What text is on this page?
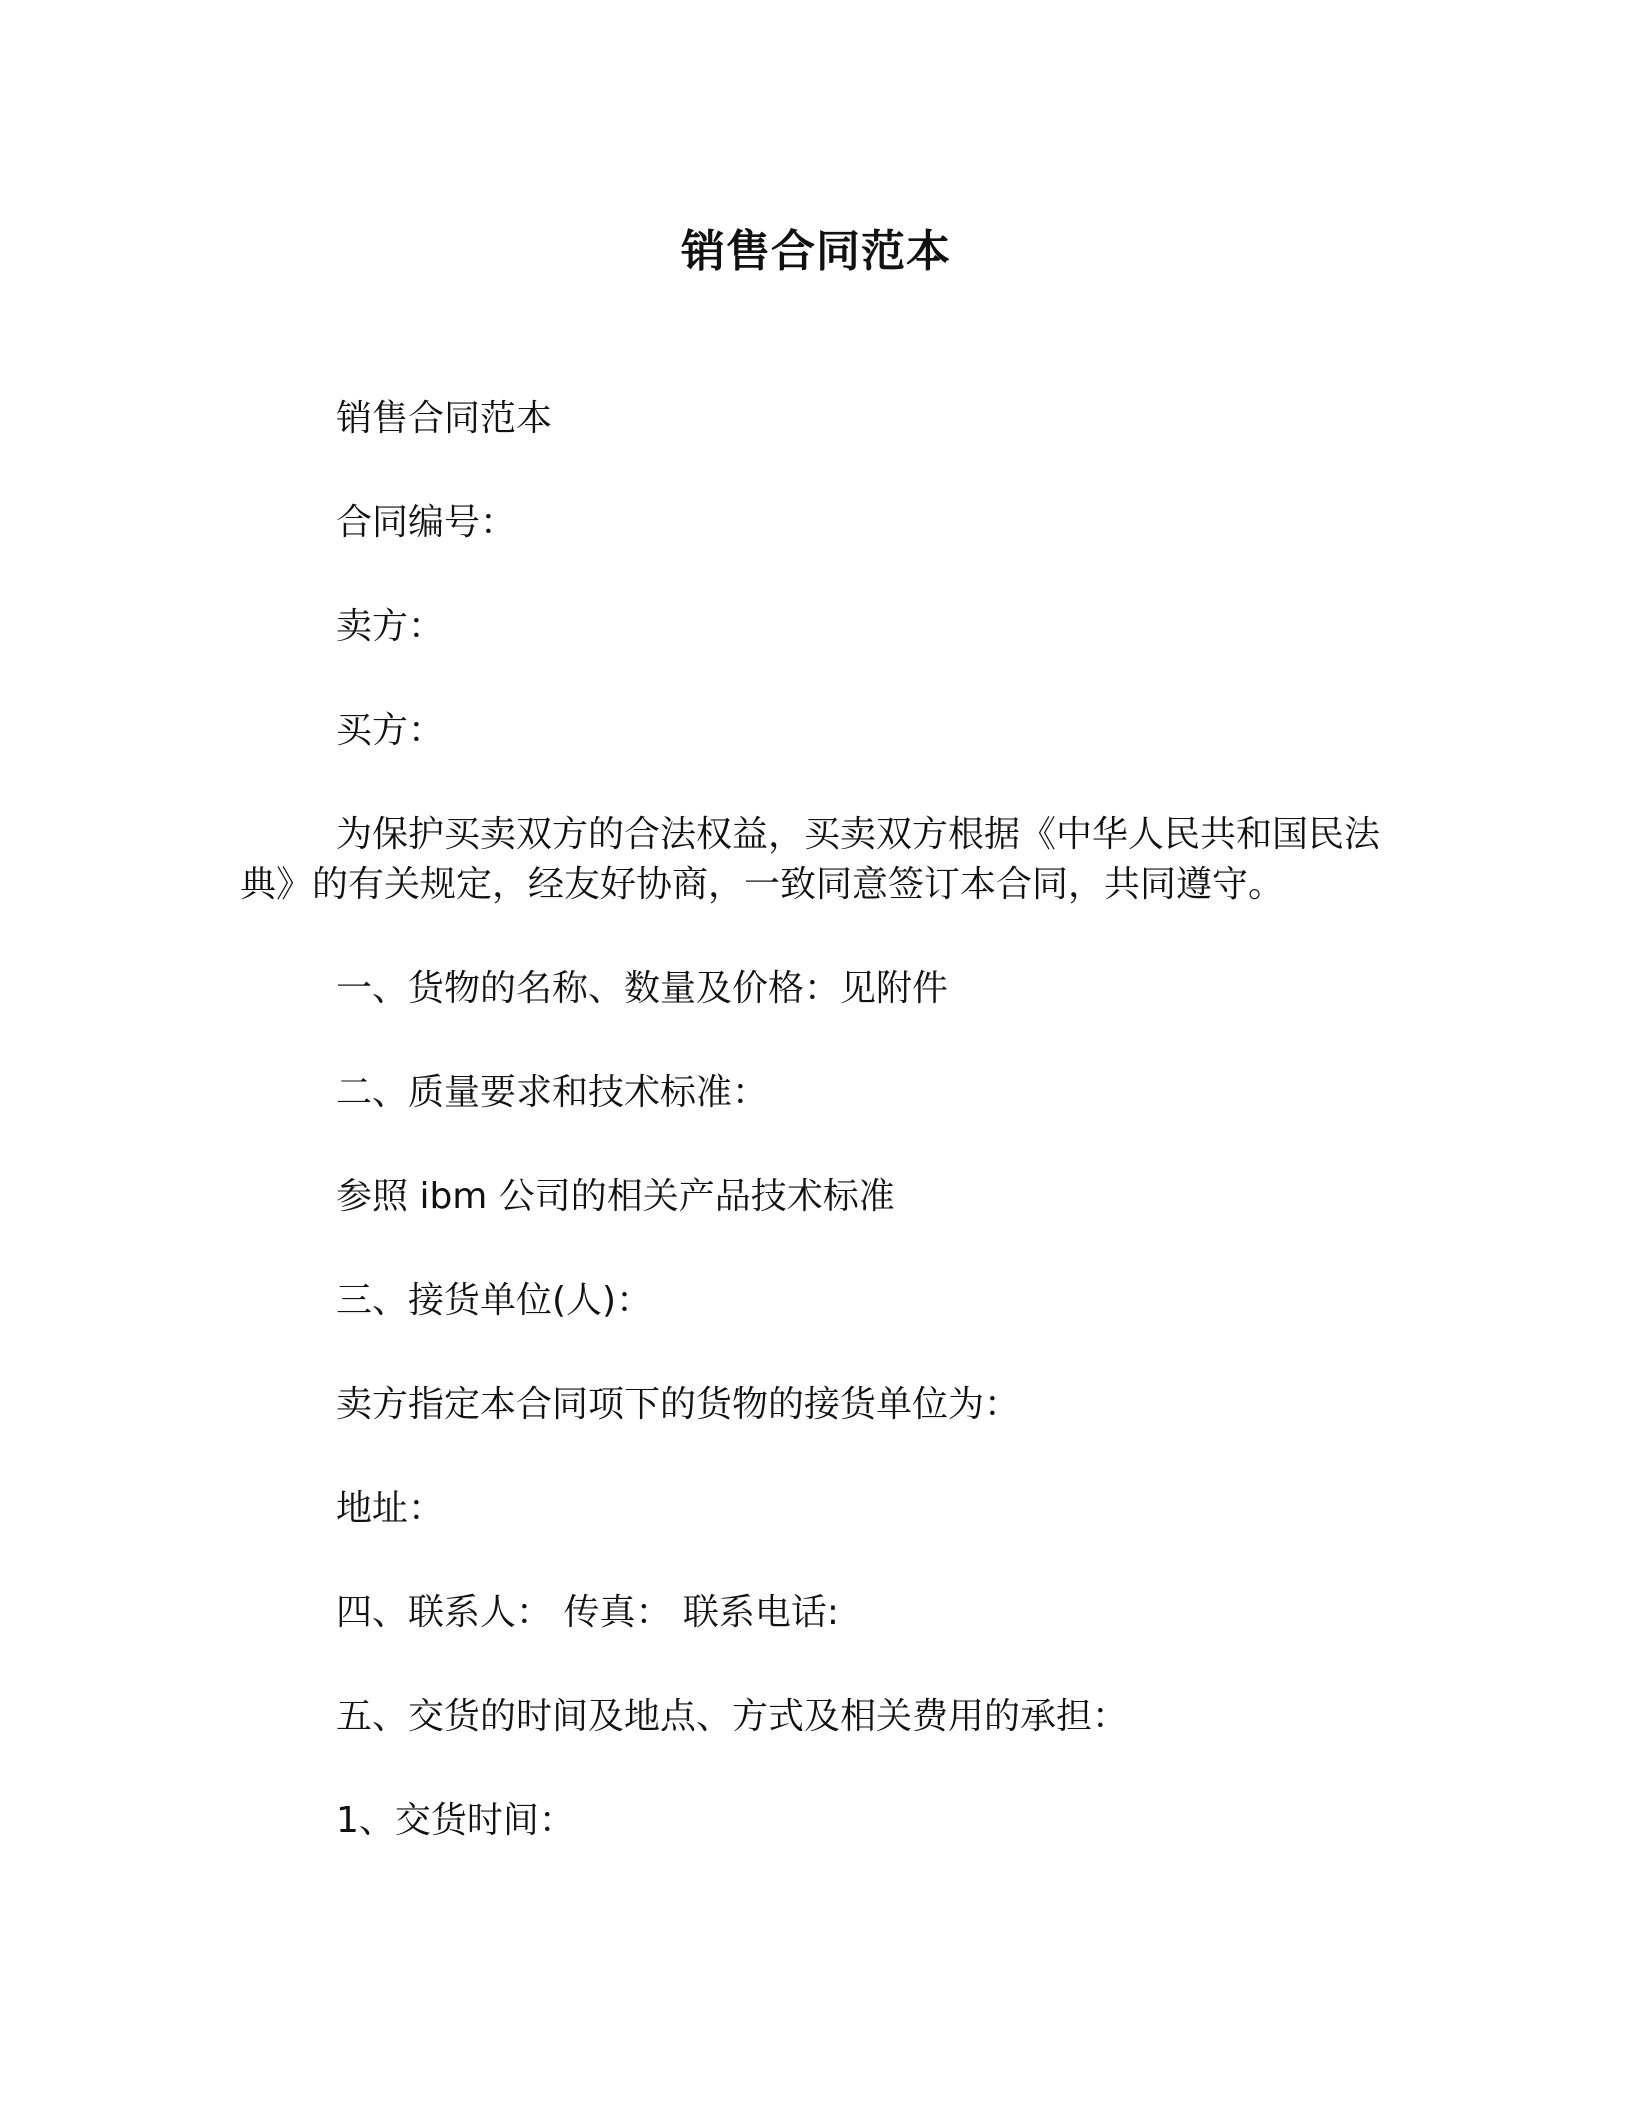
销售合同范本

销售合同范本

合同编号：

卖方：

买方：

为保护买卖双方的合法权益，买卖双方根据《中华人民共和国民法典》的有关规定，经友好协商，一致同意签订本合同，共同遵守。

一、货物的名称、数量及价格：见附件

二、质量要求和技术标准：

参照 ibm 公司的相关产品技术标准

三、接货单位(人)：

卖方指定本合同项下的货物的接货单位为：

地址：

四、联系人： 传真： 联系电话:

五、交货的时间及地点、方式及相关费用的承担：

1、交货时间：
